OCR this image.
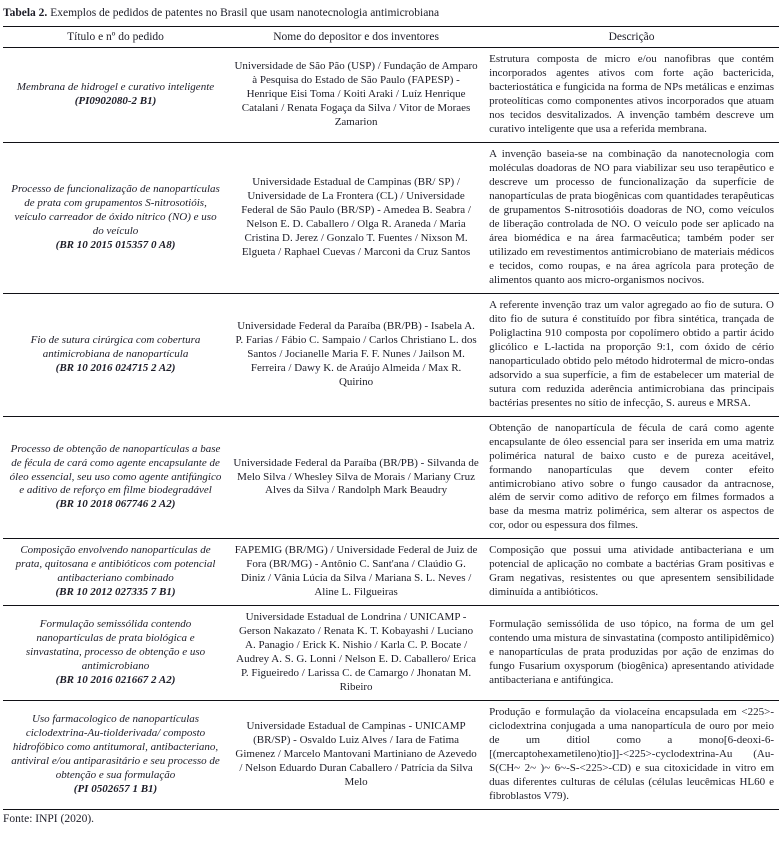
Tabela 2. Exemplos de pedidos de patentes no Brasil que usam nanotecnologia antimicrobiana

Título e nº do pedido	Nome do depositor e dos inventores	Descrição
Membrana de hidrogel e curativo inteligente
(PI0902080-2 B1)
	Universidade de São Pão (USP) / Fundação de Amparo à Pesquisa do Estado de São Paulo (FAPESP) - Henrique Eisi Toma / Koiti Araki / Luíz Henrique Catalani / Renata Fogaça da Silva / Vitor de Moraes Zamarion	Estrutura composta de micro e/ou nanofibras que contém incorporados agentes ativos com forte ação bactericida, bacteriostática e fungicida na forma de NPs metálicas e enzimas proteolíticas como componentes ativos incorporados que atuam nos tecidos desvitalizados. A invenção também descreve um curativo inteligente que usa a referida membrana.
Processo de funcionalização de nanopartículas de prata com grupamentos S-nitrosotióis, veículo carreador de óxido nítrico (NO) e uso do veículo
(BR 10 2015 015357 0 A8)
	Universidade Estadual de Campinas (BR/ SP) / Universidade de La Frontera (CL) / Universidade Federal de São Paulo (BR/SP) - Amedea B. Seabra / Nelson E. D. Caballero / Olga R. Araneda / Maria Cristina D. Jerez / Gonzalo T. Fuentes / Nixson M. Elgueta / Raphael Cuevas / Marconi da Cruz Santos	A invenção baseia-se na combinação da nanotecnologia com moléculas doadoras de NO para viabilizar seu uso terapêutico e descreve um processo de funcionalização da superfície de nanopartículas de prata biogênicas com quantidades terapêuticas de grupamentos S-nitrosotióis doadoras de NO, como veículos de liberação controlada de NO. O veículo pode ser aplicado na área biomédica e na área farmacêutica; também poder ser utilizado em revestimentos antimicrobiano de materiais médicos e tecidos, como roupas, e na área agrícola para proteção de alimentos quanto aos micro-organismos nocivos.
Fio de sutura cirúrgica com cobertura antimicrobiana de nanopartícula
(BR 10 2016 024715 2 A2)
	Universidade Federal da Paraíba (BR/PB) - Isabela A. P. Farias / Fábio C. Sampaio / Carlos Christiano L. dos Santos / Jocianelle Maria F. F. Nunes / Jailson M. Ferreira / Dawy K. de Araújo Almeida / Max R. Quirino	A referente invenção traz um valor agregado ao fio de sutura. O dito fio de sutura é constituído por fibra sintética, trançada de Poliglactina 910 composta por copolímero obtido a partir ácido glicólico e L-lactida na proporção 9:1, com óxido de cério nanoparticulado obtido pelo método hidrotermal de micro-ondas adsorvido a sua superfície, a fim de estabelecer um material de sutura com reduzida aderência antimicrobiana das principais bactérias presentes no sítio de infecção, S. aureus e MRSA.
Processo de obtenção de nanopartículas a base de fécula de cará como agente encapsulante de óleo essencial, seu uso como agente antifúngico e aditivo de reforço em filme biodegradável
(BR 10 2018 067746 2 A2)
	Universidade Federal da Paraíba (BR/PB) - Silvanda de Melo Silva / Whesley Silva de Morais / Mariany Cruz Alves da Silva / Randolph Mark Beaudry	Obtenção de nanopartícula de fécula de cará como agente encapsulante de óleo essencial para ser inserida em uma matriz polimérica natural de baixo custo e de pureza aceitável, formando nanopartículas que devem conter efeito antimicrobiano ativo sobre o fungo causador da antracnose, além de servir como aditivo de reforço em filmes formados a base da mesma matriz polimérica, sem alterar os aspectos de cor, odor ou espessura dos filmes.
Composição envolvendo nanopartículas de prata, quitosana e antibióticos com potencial antibacteriano combinado
(BR 10 2012 027335 7 B1)	FAPEMIG (BR/MG) / Universidade Federal de Juiz de Fora (BR/MG) - Antônio C. Sant'ana / Claúdio G. Diniz / Vânia Lúcia da Silva / Mariana S. L. Neves / Aline L. Filgueiras	Composição que possui uma atividade antibacteriana e um potencial de aplicação no combate a bactérias Gram positivas e Gram negativas, resistentes ou que apresentem sensibilidade diminuída a antibióticos.
Formulação semissólida contendo nanopartículas de prata biológica e sinvastatina, processo de obtenção e uso antimicrobiano
(BR 10 2016 021667 2 A2)
	Universidade Estadual de Londrina / UNICAMP - Gerson Nakazato / Renata K. T. Kobayashi / Luciano A. Panagio / Erick K. Nishio / Karla C. P. Bocate / Audrey A. S. G. Lonni / Nelson E. D. Caballero/ Erica P. Figueiredo / Larissa C. de Camargo / Jhonatan M. Ribeiro	Formulação semissólida de uso tópico, na forma de um gel contendo uma mistura de sinvastatina (composto antilipidêmico) e nanopartículas de prata produzidas por ação de enzimas do fungo Fusarium oxysporum (biogênica) apresentando atividade antibacteriana e antifúngica.
Uso farmacologico de nanopartículas ciclodextrina-Au-tiolderivada/ composto hidrofóbico como antitumoral, antibacteriano, antiviral e/ou antiparasitário e seu processo de obtenção e sua formulação
(PI 0502657 1 B1)
	Universidade Estadual de Campinas - UNICAMP (BR/SP) - Osvaldo Luiz Alves / Iara de Fatima Gimenez / Marcelo Mantovani Martiniano de Azevedo / Nelson Eduardo Duran Caballero / Patrícia da Silva Melo	Produção e formulação da violaceína encapsulada em <225>-ciclodextrina conjugada a uma nanopartícula de ouro por meio de um ditiol como a mono[6-deoxi-6-[(mercaptohexametileno)tio]]-<225>-cyclodextrina-Au (Au-S(CH~ 2~ )~ 6~-S-<225>-CD) e sua citoxicidade in vitro em duas diferentes culturas de células (células leucêmicas HL60 e fibroblastos V79).

Fonte: INPI (2020).
